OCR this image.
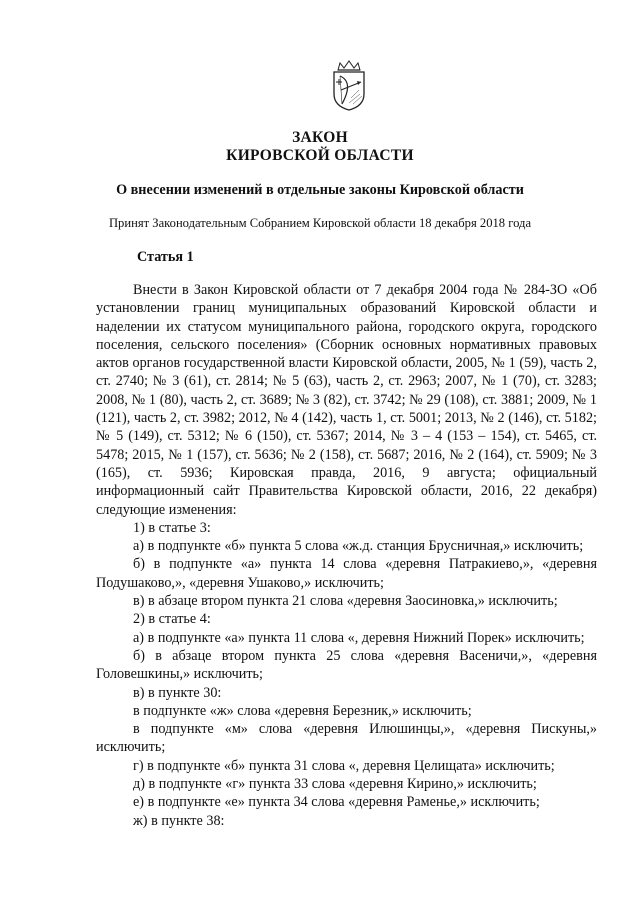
ЗАКОН
КИРОВСКОЙ ОБЛАСТИ
О внесении изменений в отдельные законы Кировской области
Принят Законодательным Собранием Кировской области 18 декабря 2018 года
Статья 1

Внести в Закон Кировской области от 7 декабря 2004 года № 284-ЗО «Об установлении границ муниципальных образований Кировской области и наделении их статусом муниципального района, городского округа, городского поселения, сельского поселения» (Сборник основных нормативных правовых актов органов государственной власти Кировской области, 2005, № 1 (59), часть 2, ст. 2740; № 3 (61), ст. 2814; № 5 (63), часть 2, ст. 2963; 2007, № 1 (70), ст. 3283; 2008, № 1 (80), часть 2, ст. 3689; № 3 (82), ст. 3742; № 29 (108), ст. 3881; 2009, № 1 (121), часть 2, ст. 3982; 2012, № 4 (142), часть 1, ст. 5001; 2013, № 2 (146), ст. 5182; № 5 (149), ст. 5312; № 6 (150), ст. 5367; 2014, № 3 – 4 (153 – 154), ст. 5465, ст. 5478; 2015, № 1 (157), ст. 5636; № 2 (158), ст. 5687; 2016, № 2 (164), ст. 5909; № 3 (165), ст. 5936; Кировская правда, 2016, 9 августа; официальный информационный сайт Правительства Кировской области, 2016, 22 декабря) следующие изменения:

1) в статье 3:

а) в подпункте «б» пункта 5 слова «ж.д. станция Брусничная,» исключить;

б) в подпункте «а» пункта 14 слова «деревня Патракиево,», «деревня Подушаково,», «деревня Ушаково,» исключить;

в) в абзаце втором пункта 21 слова «деревня Заосиновка,» исключить;

2) в статье 4:

а) в подпункте «а» пункта 11 слова «, деревня Нижний Порек» исключить;

б) в абзаце втором пункта 25 слова «деревня Васеничи,», «деревня Головешкины,» исключить;

в) в пункте 30:

в подпункте «ж» слова «деревня Березник,» исключить;

в подпункте «м» слова «деревня Илюшинцы,», «деревня Пискуны,» исключить;

г) в подпункте «б» пункта 31 слова «, деревня Целищата» исключить;

д) в подпункте «г» пункта 33 слова «деревня Кирино,» исключить;

е) в подпункте «е» пункта 34 слова «деревня Раменье,» исключить;

ж) в пункте 38:
